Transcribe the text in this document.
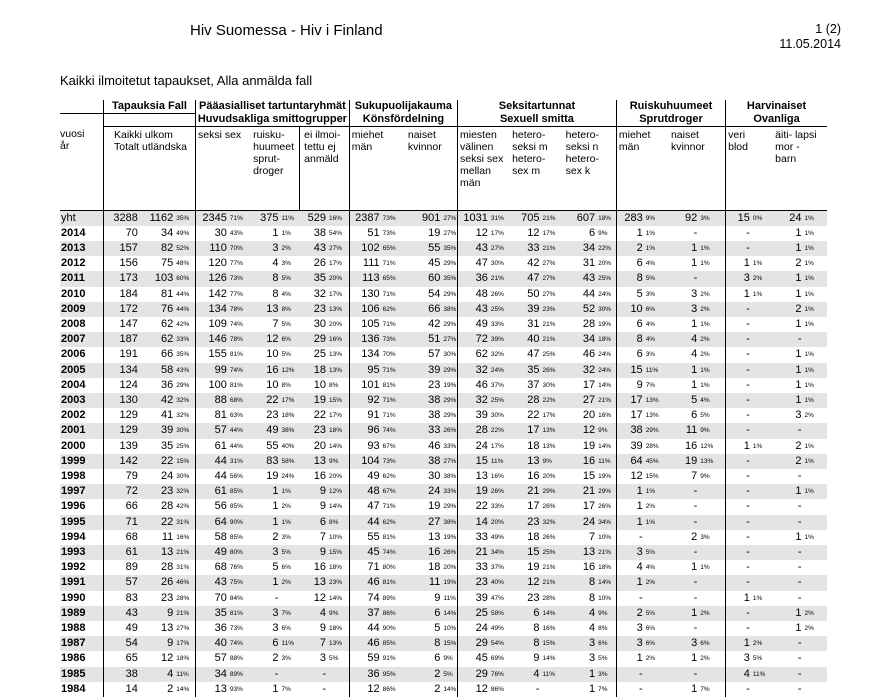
Hiv Suomessa - Hiv i Finland	1 (2)
11.05.2014
Kaikki ilmoitetut tapaukset, Alla anmälda fall
	Tapauksia Fall			Pääasialliset tartuntaryhmät						Sukupuolijakauma				Seksitartunnat						Ruiskuhuumeet				Harvinaiset			
				Huvudsakliga smittogrupper						Könsfördelning				Sexuell smitta						Sprutdroger				Ovanliga			
vuosi år	Kaikki ulkom Totalt utländska			seksi sex		ruisku- huumeet sprut- droger		ei ilmoi- tettu ej anmäld		miehet män		naiset kvinnor		miesten välinen seksi sex mellan män		hetero- seksi m hetero- sex m		hetero- seksi n hetero- sex k		miehet män		naiset kvinnor		veri blod		äiti- lapsi mor - barn	
yht	3288		1162	35%	2345	71%	375	11%	529	16%	2387	73%	901	27%	1031	31%	705	21%	607	18%	283	9%	92	3%	15	0%	24	1%
2014	70		34	49%	30	43%	1	1%	38	54%	51	73%	19	27%	12	17%	12	17%	6	9%	1	1%	-		-		1	1%
2013	157		82	52%	110	70%	3	2%	43	27%	102	65%	55	35%	43	27%	33	21%	34	22%	2	1%	1	1%	-		1	1%
2012	156		75	48%	120	77%	4	3%	26	17%	111	71%	45	29%	47	30%	42	27%	31	20%	6	4%	1	1%	1	1%	2	1%
2011	173		103	60%	126	73%	8	5%	35	20%	113	65%	60	35%	36	21%	47	27%	43	25%	8	5%	-		3	2%	1	1%
2010	184		81	44%	142	77%	8	4%	32	17%	130	71%	54	29%	48	26%	50	27%	44	24%	5	3%	3	2%	1	1%	1	1%
2009	172		76	44%	134	78%	13	8%	23	13%	106	62%	66	38%	43	25%	39	23%	52	30%	10	6%	3	2%	-		2	1%
2008	147		62	42%	109	74%	7	5%	30	20%	105	71%	42	29%	49	33%	31	21%	28	19%	6	4%	1	1%	-		1	1%
2007	187		62	33%	146	78%	12	6%	29	16%	136	73%	51	27%	72	39%	40	21%	34	18%	8	4%	4	2%	-		-	
2006	191		66	35%	155	81%	10	5%	25	13%	134	70%	57	30%	62	32%	47	25%	46	24%	6	3%	4	2%	-		1	1%
2005	134		58	43%	99	74%	16	12%	18	13%	95	71%	39	29%	32	24%	35	26%	32	24%	15	11%	1	1%	-		1	1%
2004	124		36	29%	100	81%	10	8%	10	8%	101	81%	23	19%	46	37%	37	30%	17	14%	9	7%	1	1%	-		1	1%
2003	130		42	32%	88	68%	22	17%	19	15%	92	71%	38	29%	32	25%	28	22%	27	21%	17	13%	5	4%	-		1	1%
2002	129		41	32%	81	63%	23	18%	22	17%	91	71%	38	29%	39	30%	22	17%	20	16%	17	13%	6	5%	-		3	2%
2001	129		39	30%	57	44%	49	38%	23	18%	96	74%	33	26%	28	22%	17	13%	12	9%	38	29%	11	9%	-		-	
2000	139		35	25%	61	44%	55	40%	20	14%	93	67%	46	33%	24	17%	18	13%	19	14%	39	28%	16	12%	1	1%	2	1%
1999	142		22	15%	44	31%	83	58%	13	9%	104	73%	38	27%	15	11%	13	9%	16	11%	64	45%	19	13%	-		2	1%
1998	79		24	30%	44	56%	19	24%	16	20%	49	62%	30	38%	13	16%	16	20%	15	19%	12	15%	7	9%	-		-	
1997	72		23	32%	61	85%	1	1%	9	12%	48	67%	24	33%	19	26%	21	29%	21	29%	1	1%	-		-		1	1%
1996	66		28	42%	56	85%	1	2%	9	14%	47	71%	19	29%	22	33%	17	26%	17	26%	1	2%	-		-		-	
1995	71		22	31%	64	90%	1	1%	6	8%	44	62%	27	38%	14	20%	23	32%	24	34%	1	1%	-		-		-	
1994	68		11	16%	58	85%	2	3%	7	10%	55	81%	13	19%	33	49%	18	26%	7	10%	-		2	3%	-		1	1%
1993	61		13	21%	49	80%	3	5%	9	15%	45	74%	16	26%	21	34%	15	25%	13	21%	3	5%	-		-		-	
1992	89		28	31%	68	76%	5	6%	16	18%	71	80%	18	20%	33	37%	19	21%	16	18%	4	4%	1	1%	-		-	
1991	57		26	46%	43	75%	1	2%	13	23%	46	81%	11	19%	23	40%	12	21%	8	14%	1	2%	-		-		-	
1990	83		23	28%	70	84%	-		12	14%	74	89%	9	11%	39	47%	23	28%	8	10%	-		-		1	1%	-	
1989	43		9	21%	35	81%	3	7%	4	9%	37	86%	6	14%	25	58%	6	14%	4	9%	2	5%	1	2%	-		1	2%
1988	49		13	27%	36	73%	3	6%	9	18%	44	90%	5	10%	24	49%	8	16%	4	8%	3	6%	-		-		1	2%
1987	54		9	17%	40	74%	6	11%	7	13%	46	85%	8	15%	29	54%	8	15%	3	6%	3	6%	3	6%	1	2%	-	
1986	65		12	18%	57	88%	2	3%	3	5%	59	91%	6	9%	45	69%	9	14%	3	5%	1	2%	1	2%	3	5%	-	
1985	38		4	11%	34	89%	-		-		36	95%	2	5%	29	76%	4	11%	1	3%	-		-		4	11%	-	
1984	14		2	14%	13	93%	1	7%	-		12	86%	2	14%	12	86%	-		1	7%	-		1	7%	-		-	
